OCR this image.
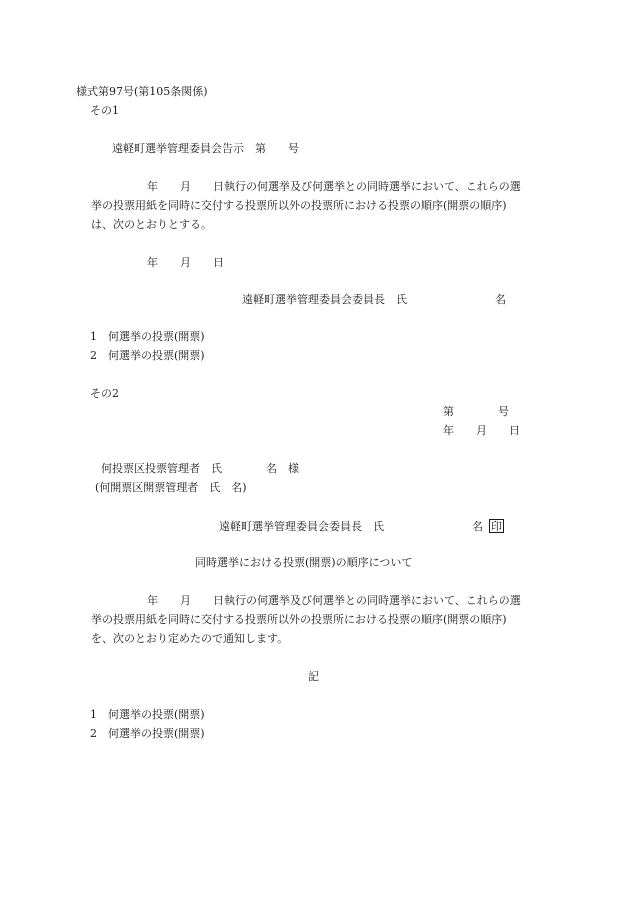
様式第97号(第105条関係)
その1
遠軽町選挙管理委員会告示　第　　号
年　　月　　日執行の何選挙及び何選挙との同時選挙において、これらの選
挙の投票用紙を同時に交付する投票所以外の投票所における投票の順序(開票の順序)
は、次のとおりとする。
年　　月　　日
遠軽町選挙管理委員会委員長　氏　　　　　　　　名
1　何選挙の投票(開票)
2　何選挙の投票(開票)
その2
第　　　　号
年　　月　　日
何投票区投票管理者　氏　　　　名　様
(何開票区開票管理者　氏　名)
遠軽町選挙管理委員会委員長　氏　　　　　　　　名 印
同時選挙における投票(開票)の順序について
年　　月　　日執行の何選挙及び何選挙との同時選挙において、これらの選
挙の投票用紙を同時に交付する投票所以外の投票所における投票の順序(開票の順序)
を、次のとおり定めたので通知します。
記
1　何選挙の投票(開票)
2　何選挙の投票(開票)
